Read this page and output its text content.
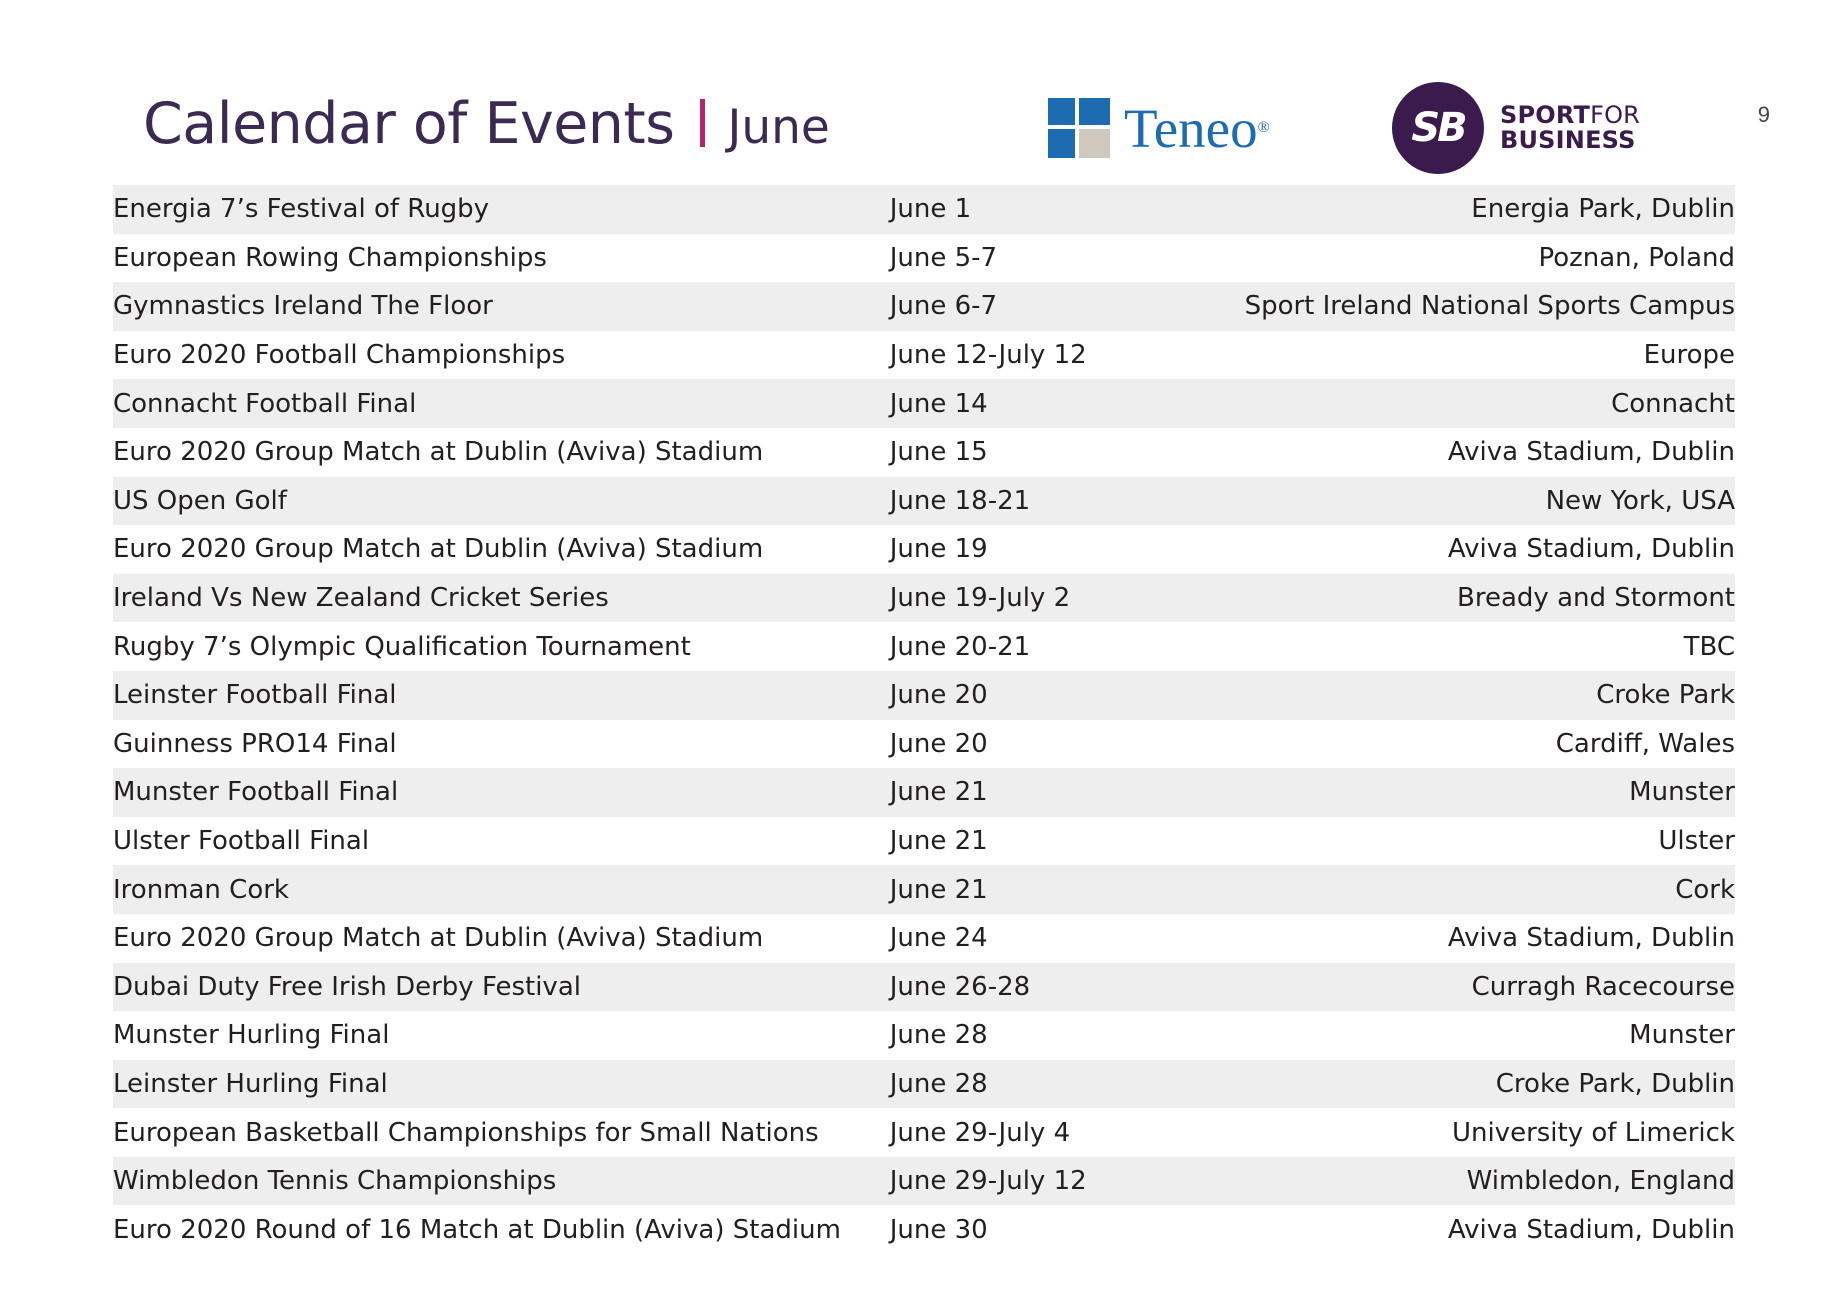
Calendar of Events June	Teneo ®	SB	SPORTFOR
BUSINESS
9
Energia 7’s Festival of Rugby	June 1	Energia Park, Dublin
European Rowing Championships	June 5-7	Poznan, Poland
Gymnastics Ireland The Floor	June 6-7	Sport Ireland National Sports Campus
Euro 2020 Football Championships	June 12-July 12	Europe
Connacht Football Final	June 14	Connacht
Euro 2020 Group Match at Dublin (Aviva) Stadium	June 15	Aviva Stadium, Dublin
US Open Golf	June 18-21	New York, USA
Euro 2020 Group Match at Dublin (Aviva) Stadium	June 19	Aviva Stadium, Dublin
Ireland Vs New Zealand Cricket Series	June 19-July 2	Bready and Stormont
Rugby 7’s Olympic Qualification Tournament	June 20-21	TBC
Leinster Football Final	June 20	Croke Park
Guinness PRO14 Final	June 20	Cardiff, Wales
Munster Football Final	June 21	Munster
Ulster Football Final	June 21	Ulster
Ironman Cork	June 21	Cork
Euro 2020 Group Match at Dublin (Aviva) Stadium	June 24	Aviva Stadium, Dublin
Dubai Duty Free Irish Derby Festival	June 26-28	Curragh Racecourse
Munster Hurling Final	June 28	Munster
Leinster Hurling Final	June 28	Croke Park, Dublin
European Basketball Championships for Small Nations	June 29-July 4	University of Limerick
Wimbledon Tennis Championships	June 29-July 12	Wimbledon, England
Euro 2020 Round of 16 Match at Dublin (Aviva) Stadium	June 30	Aviva Stadium, Dublin
